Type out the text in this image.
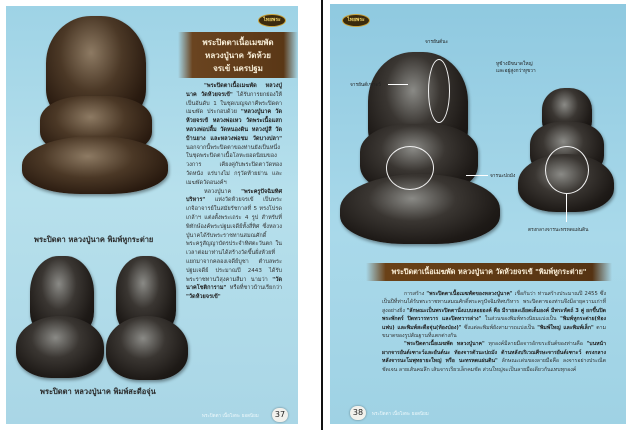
ไทยพระ
พระปิดตาเนื้อเมฆพัด
หลวงปู่นาค วัดห้วย
จรเข้ นครปฐม
พระปิดตา หลวงปู่นาค พิมพ์หูกระต่าย
พระปิดตา หลวงปู่นาค พิมพ์สะดือจุ่น

"พระปิดตาเนื้อเมฆพัด หลวงปู่นาค วัดห้วยจรเข้" ได้รับการยกย่องให้เป็นอันดับ 1 ในชุดเบญจภาคีพระปิดตาเมฆพัด ประกอบด้วย "หลวงปู่นาค วัดห้วยจรเข้ หลวงพ่อเหว วัดพระเนื้อแสก หลวงพ่อปลื้ม วัดหนองดิน หลวงปู่สี วัดบ้านยาง และหลวงพ่อชม วัดบางปลา" นอกจากนี้พระปิดตาของท่านยังเป็นหนึ่งในชุดพระปิดตาเนื้อโลหะยอดนิยมของวงการ เคียงคู่กับพระปิดตาวัดทอง วัดหนัง แร่บางไม่ กรุวัดท้ายย่าน และเมฆพัดวัดอนงค์ฯ

หลวงปู่นาค "พระครูปัจฉิมทิศบริหาร" แห่งวัดห้วยจรเข้ เป็นพระเกจิอาจารย์ในสมัยรัชกาลที่ 5 ทรงโปรดเกล้าฯ แต่งตั้งพระเถระ 4 รูป สำหรับที่พิทักษ์องค์พระปฐมเจดีย์ทั้งสี่ทิศ ซึ่งหลวงปู่นาคได้รับพระราชทานสมณศักดิ์พระครูสัญญาบัตรประจำทิศตะวันตก ในเวลาต่อมาท่านได้สร้างวัดขึ้นฝั่งห้วยที่แยกมาจากคลองเจดีย์บูชา ตำบลพระปฐมเจดีย์ ประมาณปี 2443 ได้รับพระราชทานวิสุงคามสีมา นามว่า "วัดนาคโชติการาม" หรือที่ชาวบ้านเรียกว่า "วัดห้วยจรเข้"

พระปิดตา เนื้อโลหะ ยอดนิยม	37
ไทยพระ
จารยันต์นะ
จารยันต์เฑาะว์
หูข้างมีขนาดใหญ่
และอยู่สูงกว่าหูขวา
จารนะปถมัง
ตรงกลางจารนะทรหดแผ่นดิน
พระปิดตาเนื้อเมฆพัด หลวงปู่นาค วัดห้วยจรเข้ "พิมพ์หูกระต่าย"

การสร้าง "พระปิดตาเนื้อเมฆพัดของหลวงปู่นาค" เชื่อกันว่า ท่านสร้างประมาณปี 2455 ซึ่งเป็นปีที่ท่านได้รับพระราชทานสมณศักดิ์พระครูปัจฉิมทิศบริหาร พระปิดตาของท่านจึงมีอายุความเก่าที่สูงอย่างยิ่ง "ลักษณะเป็นพระปิดตานั่งแบบลอยองค์ คือ มีรายละเอียดเต็มองค์ มีพระหัตถ์ 3 คู่ ยกขึ้นปิดพระพักตร์ ปิดทวารทวาร และปิดทวารล่าง" ในส่วนของพิมพ์ทรงนิยมแบ่งเป็น "พิมพ์หูกระต่าย(ท้องแฟบ) และพิมพ์สะดือจุ่น(ท้องป่อง)" ซึ่งแต่ละพิมพ์ยังสามารถแบ่งเป็น "พิมพ์ใหญ่ และพิมพ์เล็ก" ตามขนาดของรูปสัณฐานที่แตกต่างกัน

"พระปิดตาเนื้อเมฆพัด หลวงปู่นาค" ทุกองค์มีลายมือจารอักขระยันต์ของท่านคือ "บนหน้าผากจารยันต์เฑาะว์และยันต์นะ ท้องจารตัวนะปถมัง ด้านหลังบริเวณศีรษะจารยันต์เฑาะว์ ตรงกลางหลังจารนะโมพุทธายะใหญ่ หรือ นะทรหดแผ่นดิน" ลักษณะเด่นของลายมือคือ ลงจารอย่างประณีตชัดเจน ลายเส้นคมลึก เส้นจารเรียวเล็กคมชัด ส่วนใหญ่จะเป็นลายมือเดียวกันแทบทุกองค์

38	พระปิดตา เนื้อโลหะ ยอดนิยม
